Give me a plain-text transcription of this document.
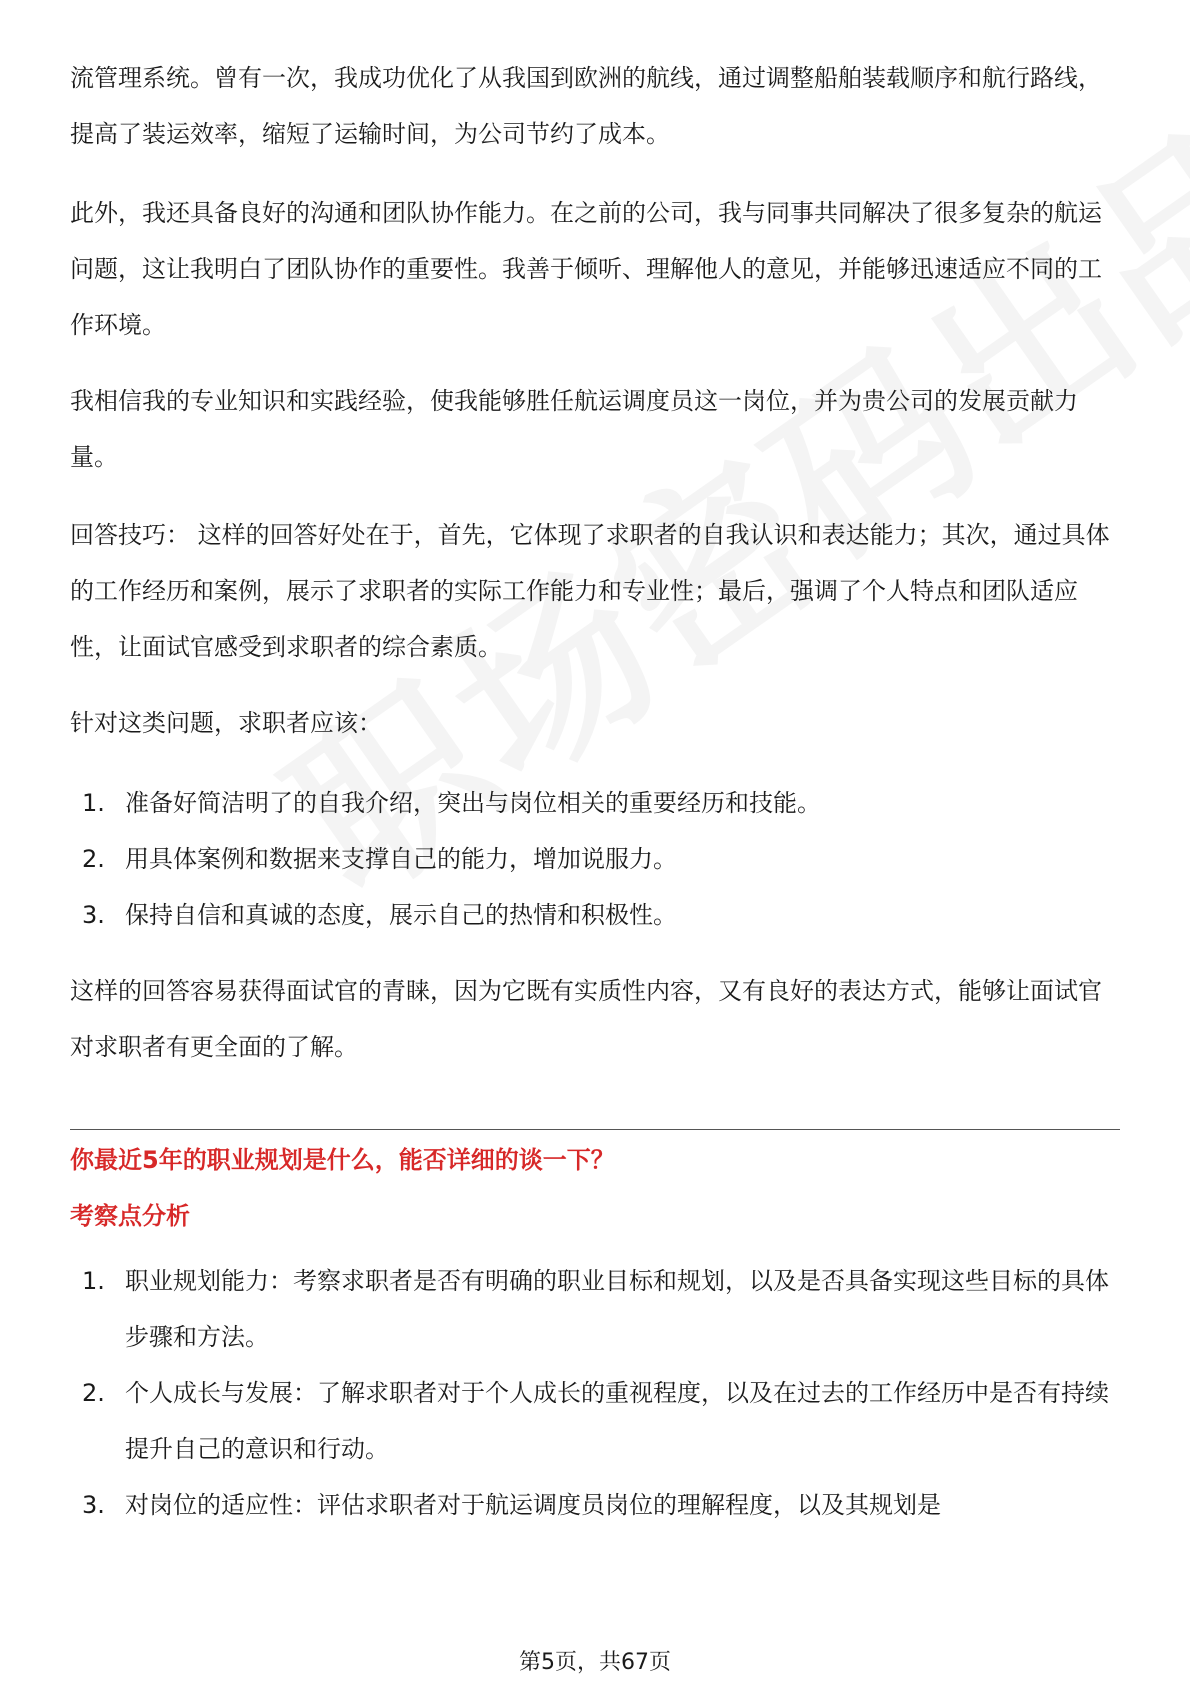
流管理系统。曾有一次，我成功优化了从我国到欧洲的航线，通过调整船舶装载顺序和航行路线，提高了装运效率，缩短了运输时间，为公司节约了成本。

此外，我还具备良好的沟通和团队协作能力。在之前的公司，我与同事共同解决了很多复杂的航运问题，这让我明白了团队协作的重要性。我善于倾听、理解他人的意见，并能够迅速适应不同的工作环境。

我相信我的专业知识和实践经验，使我能够胜任航运调度员这一岗位，并为贵公司的发展贡献力量。

回答技巧： 这样的回答好处在于，首先，它体现了求职者的自我认识和表达能力；其次，通过具体的工作经历和案例，展示了求职者的实际工作能力和专业性；最后，强调了个人特点和团队适应性，让面试官感受到求职者的综合素质。

针对这类问题，求职者应该：

1. 准备好简洁明了的自我介绍，突出与岗位相关的重要经历和技能。
2. 用具体案例和数据来支撑自己的能力，增加说服力。
3. 保持自信和真诚的态度，展示自己的热情和积极性。

这样的回答容易获得面试官的青睐，因为它既有实质性内容，又有良好的表达方式，能够让面试官对求职者有更全面的了解。

你最近5年的职业规划是什么，能否详细的谈一下？
考察点分析
1. 职业规划能力：考察求职者是否有明确的职业目标和规划，以及是否具备实现这些目标的具体步骤和方法。
2. 个人成长与发展：了解求职者对于个人成长的重视程度，以及在过去的工作经历中是否有持续提升自己的意识和行动。
3. 对岗位的适应性：评估求职者对于航运调度员岗位的理解程度，以及其规划是
第5页，共67页
